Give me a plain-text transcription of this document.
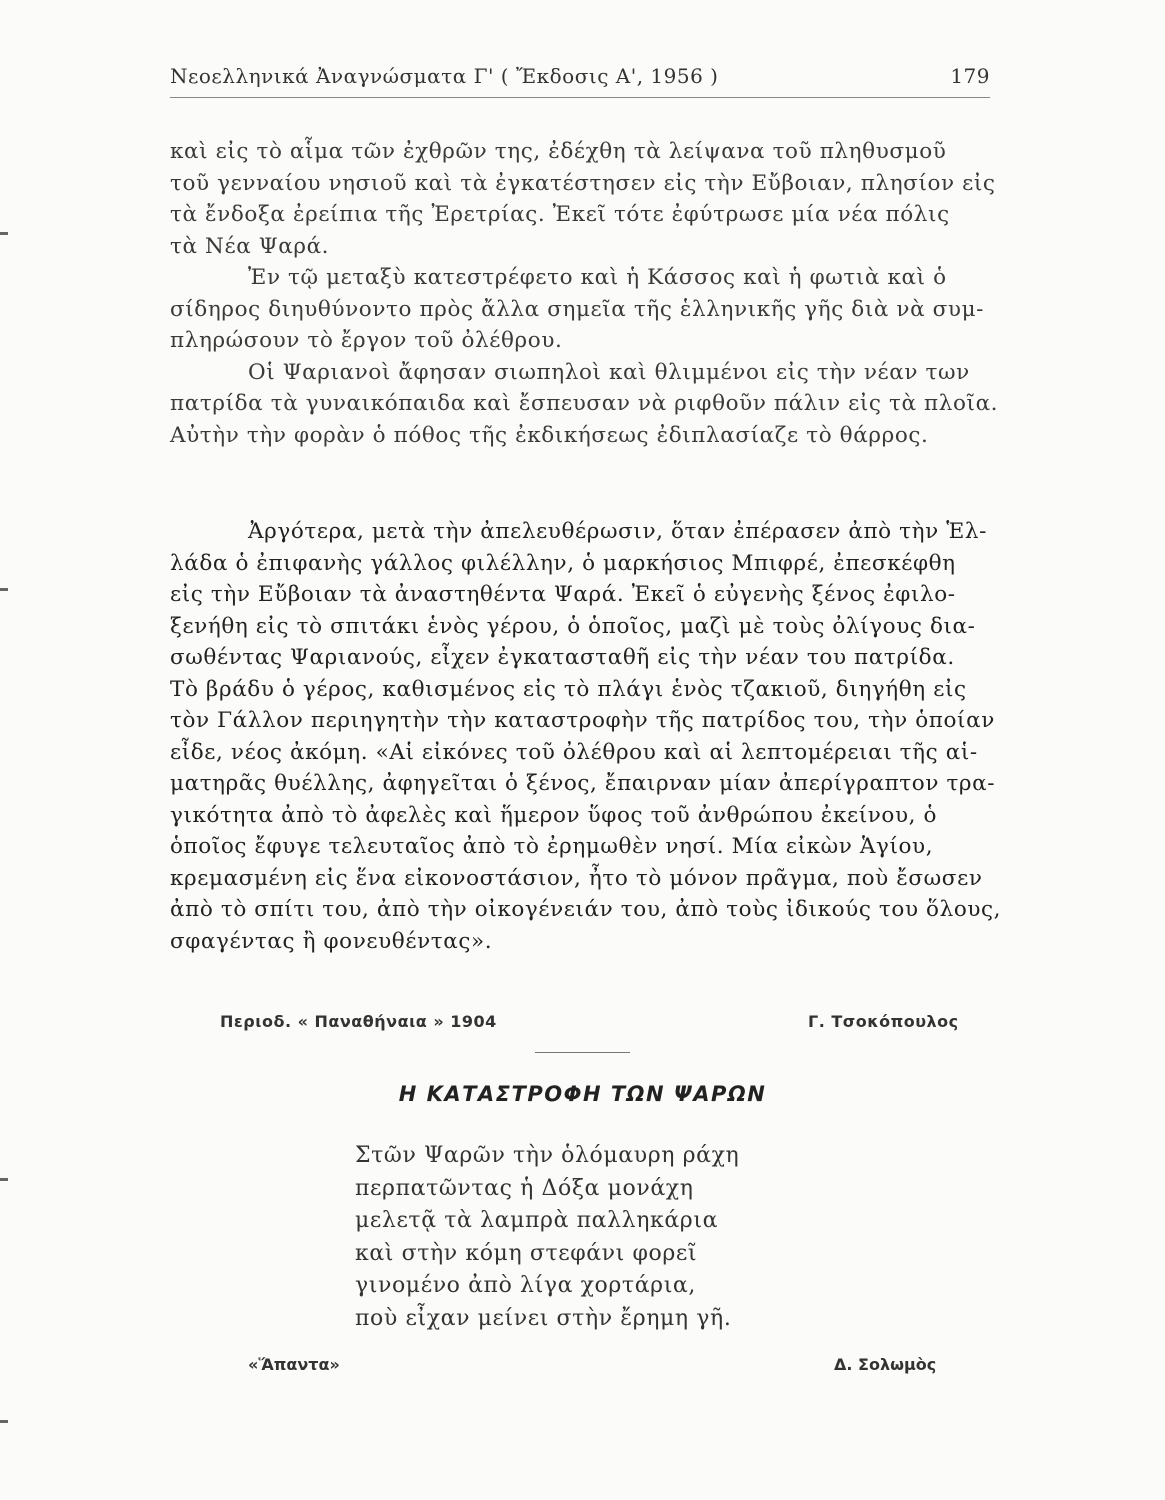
Νεοελληνικά Ἀναγνώσματα Γ' ( Ἔκδοσις Α', 1956 )	179

καὶ εἰς τὸ αἷμα τῶν ἐχθρῶν της, ἐδέχθη τὰ λείψανα τοῦ πληθυσμοῦ

τοῦ γενναίου νησιοῦ καὶ τὰ ἐγκατέστησεν εἰς τὴν Εὔβοιαν, πλησίον εἰς

τὰ ἔνδοξα ἐρείπια τῆς Ἐρετρίας. Ἐκεῖ τότε ἐφύτρωσε μία νέα πόλις

τὰ Νέα Ψαρά.

Ἐν τῷ μεταξὺ κατεστρέφετο καὶ ἡ Κάσσος καὶ ἡ φωτιὰ καὶ ὁ

σίδηρος διηυθύνοντο πρὸς ἄλλα σημεῖα τῆς ἑλληνικῆς γῆς διὰ νὰ συμ-

πληρώσουν τὸ ἔργον τοῦ ὀλέθρου.

Οἱ Ψαριανοὶ ἄφησαν σιωπηλοὶ καὶ θλιμμένοι εἰς τὴν νέαν των

πατρίδα τὰ γυναικόπαιδα καὶ ἔσπευσαν νὰ ριφθοῦν πάλιν εἰς τὰ πλοῖα.

Αὐτὴν τὴν φορὰν ὁ πόθος τῆς ἐκδικήσεως ἐδιπλασίαζε τὸ θάρρος.

Ἀργότερα, μετὰ τὴν ἀπελευθέρωσιν, ὅταν ἐπέρασεν ἀπὸ τὴν Ἑλ-

λάδα ὁ ἐπιφανὴς γάλλος φιλέλλην, ὁ μαρκήσιος Μπιφρέ, ἐπεσκέφθη

εἰς τὴν Εὔβοιαν τὰ ἀναστηθέντα Ψαρά. Ἐκεῖ ὁ εὐγενὴς ξένος ἐφιλο-

ξενήθη εἰς τὸ σπιτάκι ἑνὸς γέρου, ὁ ὁποῖος, μαζὶ μὲ τοὺς ὀλίγους δια-

σωθέντας Ψαριανούς, εἶχεν ἐγκατασταθῆ εἰς τὴν νέαν του πατρίδα.

Τὸ βράδυ ὁ γέρος, καθισμένος εἰς τὸ πλάγι ἑνὸς τζακιοῦ, διηγήθη εἰς

τὸν Γάλλον περιηγητὴν τὴν καταστροφὴν τῆς πατρίδος του, τὴν ὁποίαν

εἶδε, νέος ἀκόμη. «Αἱ εἰκόνες τοῦ ὀλέθρου καὶ αἱ λεπτομέρειαι τῆς αἱ-

ματηρᾶς θυέλλης, ἀφηγεῖται ὁ ξένος, ἔπαιρναν μίαν ἀπερίγραπτον τρα-

γικότητα ἀπὸ τὸ ἀφελὲς καὶ ἥμερον ὕφος τοῦ ἀνθρώπου ἐκείνου, ὁ

ὁποῖος ἔφυγε τελευταῖος ἀπὸ τὸ ἐρημωθὲν νησί. Μία εἰκὼν Ἁγίου,

κρεμασμένη εἰς ἕνα εἰκονοστάσιον, ἦτο τὸ μόνον πρᾶγμα, ποὺ ἔσωσεν

ἀπὸ τὸ σπίτι του, ἀπὸ τὴν οἰκογένειάν του, ἀπὸ τοὺς ἰδικούς του ὅλους,

σφαγέντας ἢ φονευθέντας».

Περιοδ. « Παναθήναια » 1904	Γ. Τσοκόπουλος
Η ΚΑΤΑΣΤΡΟΦΗ ΤΩΝ ΨΑΡΩΝ

Στῶν Ψαρῶν τὴν ὁλόμαυρη ράχη

περπατῶντας ἡ Δόξα μονάχη

μελετᾷ τὰ λαμπρὰ παλληκάρια

καὶ στὴν κόμη στεφάνι φορεῖ

γινομένο ἀπὸ λίγα χορτάρια,

ποὺ εἶχαν μείνει στὴν ἔρημη γῆ.

«Ἅπαντα»	Δ. Σολωμὸς
